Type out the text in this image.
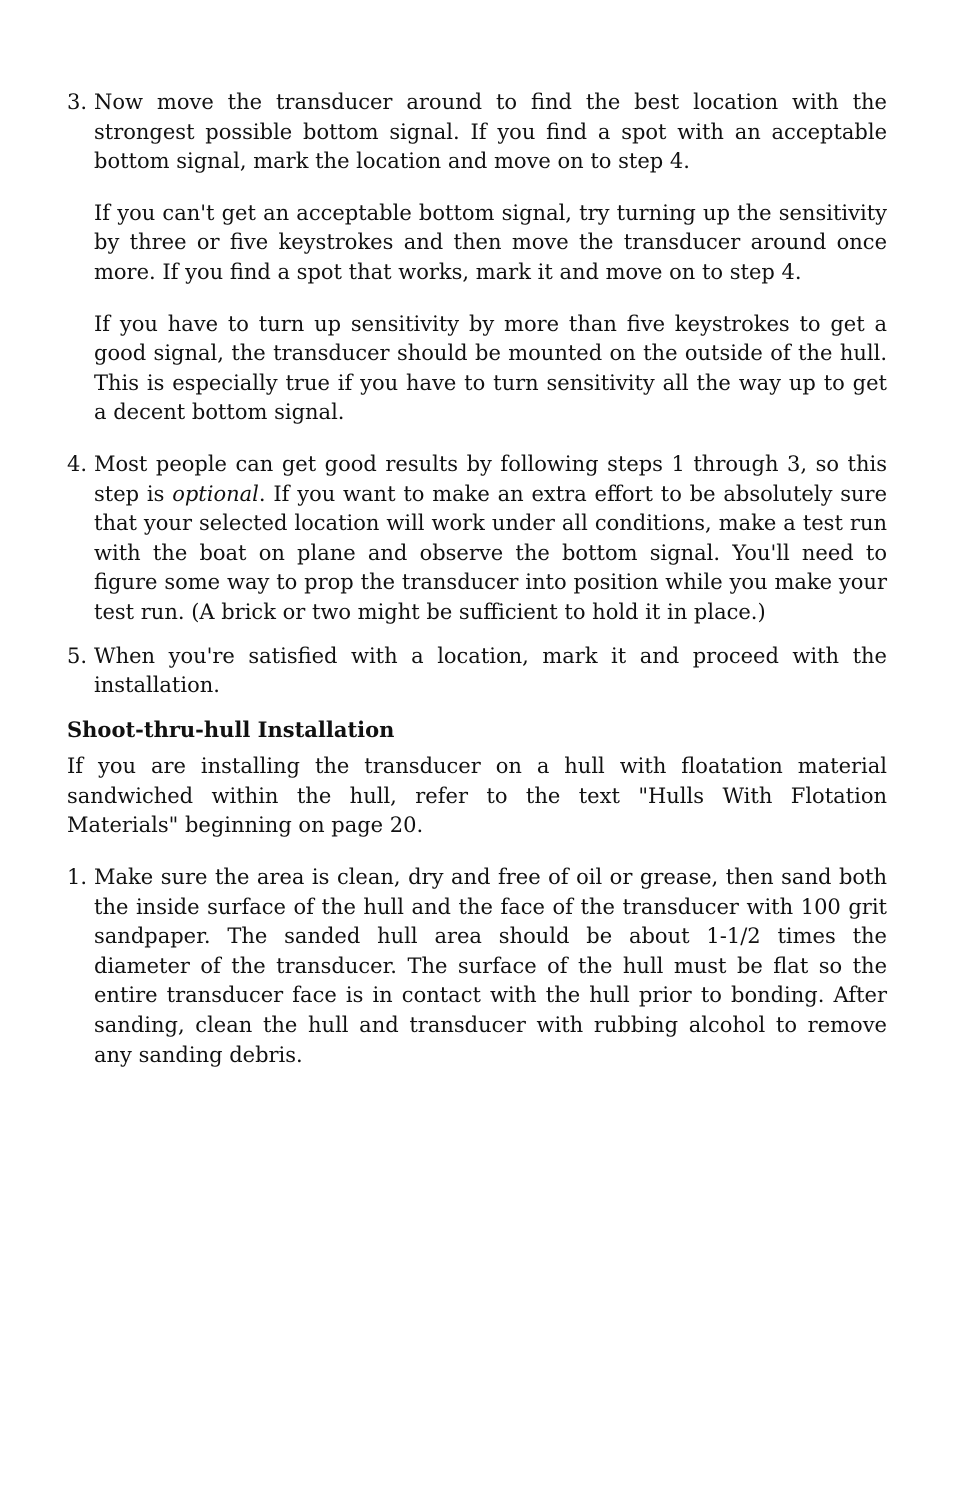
3. Now move the transducer around to find the best location with the strongest possible bottom signal. If you find a spot with an acceptable bottom signal, mark the location and move on to step 4.

If you can't get an acceptable bottom signal, try turning up the sensitivity by three or five keystrokes and then move the transducer around once more. If you find a spot that works, mark it and move on to step 4.

If you have to turn up sensitivity by more than five keystrokes to get a good signal, the transducer should be mounted on the outside of the hull. This is especially true if you have to turn sensitivity all the way up to get a decent bottom signal.

4. Most people can get good results by following steps 1 through 3, so this step is optional. If you want to make an extra effort to be absolutely sure that your selected location will work under all conditions, make a test run with the boat on plane and observe the bottom signal. You'll need to figure some way to prop the transducer into position while you make your test run. (A brick or two might be sufficient to hold it in place.)

5. When you're satisfied with a location, mark it and proceed with the installation.

Shoot-thru-hull Installation

If you are installing the transducer on a hull with floatation material sandwiched within the hull, refer to the text "Hulls With Flotation Materials" beginning on page 20.

1. Make sure the area is clean, dry and free of oil or grease, then sand both the inside surface of the hull and the face of the transducer with 100 grit sandpaper. The sanded hull area should be about 1-1/2 times the diameter of the transducer. The surface of the hull must be flat so the entire transducer face is in contact with the hull prior to bonding. After sanding, clean the hull and transducer with rubbing alcohol to remove any sanding debris.
